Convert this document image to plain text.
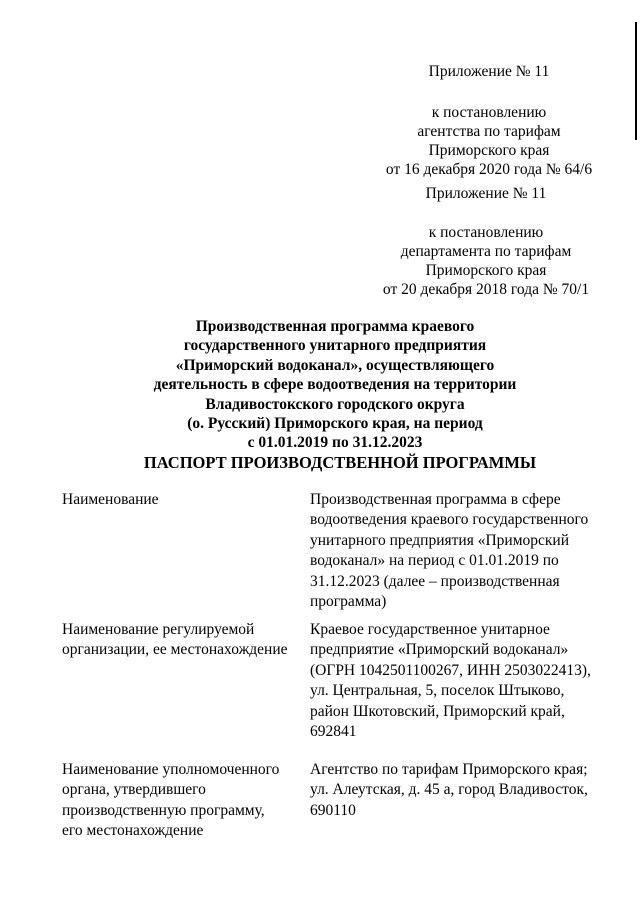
Приложение № 11
к постановлению
агентства по тарифам
Приморского края
от 16 декабря 2020 года № 64/6
Приложение № 11
к постановлению
департамента по тарифам
Приморского края
от 20 декабря 2018 года № 70/1
Производственная программа краевого
государственного унитарного предприятия
«Приморский водоканал», осуществляющего
деятельность в сфере водоотведения на территории
Владивостокского городского округа
(о. Русский) Приморского края, на период
с 01.01.2019 по 31.12.2023
ПАСПОРТ ПРОИЗВОДСТВЕННОЙ ПРОГРАММЫ
Наименование	Производственная программа в сфере
водоотведения краевого государственного
унитарного предприятия «Приморский
водоканал» на период с 01.01.2019 по
31.12.2023 (далее – производственная
программа)
Наименование регулируемой
организации, ее местонахождение
Краевое государственное унитарное
предприятие «Приморский водоканал»
(ОГРН 1042501100267, ИНН 2503022413),
ул. Центральная, 5, поселок Штыково,
район Шкотовский, Приморский край,
692841
Наименование уполномоченного
органа, утвердившего
производственную программу,
его местонахождение
Агентство по тарифам Приморского края;
ул. Алеутская, д. 45 а, город Владивосток,
690110
